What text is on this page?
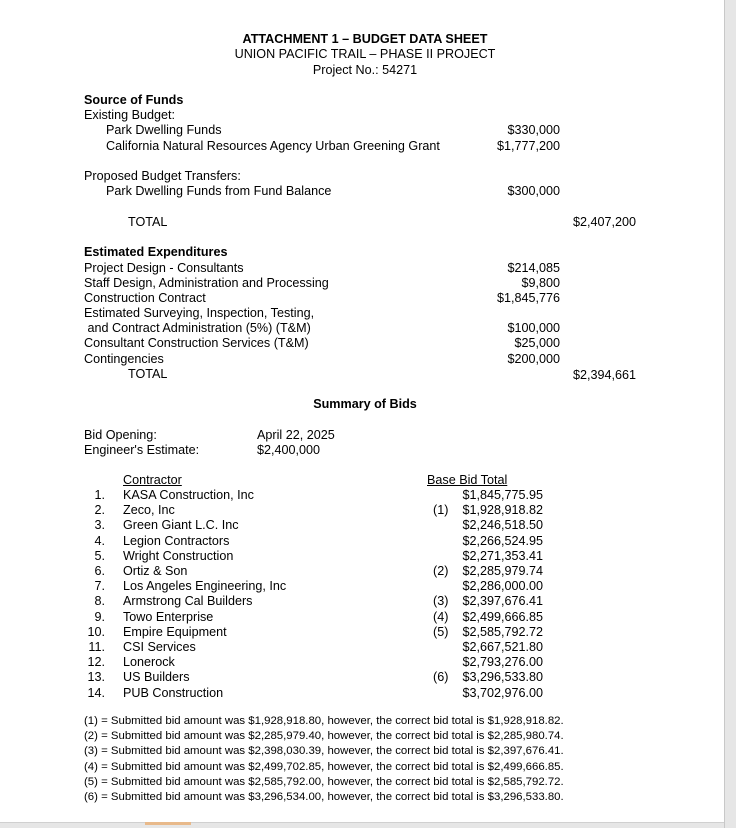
ATTACHMENT 1 – BUDGET DATA SHEET
UNION PACIFIC TRAIL – PHASE II PROJECT
Project No.: 54271
Source of Funds
Existing Budget:
Park Dwelling Funds	$330,000
California Natural Resources Agency Urban Greening Grant	$1,777,200
Proposed Budget Transfers:
Park Dwelling Funds from Fund Balance	$300,000
TOTAL	$2,407,200
Estimated Expenditures
Project Design - Consultants	$214,085
Staff Design, Administration and Processing	$9,800
Construction Contract	$1,845,776
Estimated Surveying, Inspection, Testing,
and Contract Administration (5%) (T&M)	$100,000
Consultant Construction Services (T&M)	$25,000
Contingencies	$200,000
TOTAL	$2,394,661
Summary of Bids
Bid Opening:	April 22, 2025
Engineer's Estimate:	$2,400,000
Contractor	Base Bid Total
1. KASA Construction, Inc	$1,845,775.95
2. Zeco, Inc	(1)	$1,928,918.82
3. Green Giant L.C. Inc	$2,246,518.50
4. Legion Contractors	$2,266,524.95
5. Wright Construction	$2,271,353.41
6. Ortiz & Son	(2)	$2,285,979.74
7. Los Angeles Engineering, Inc	$2,286,000.00
8. Armstrong Cal Builders	(3)	$2,397,676.41
9. Towo Enterprise	(4)	$2,499,666.85
10. Empire Equipment	(5)	$2,585,792.72
11. CSI Services	$2,667,521.80
12. Lonerock	$2,793,276.00
13. US Builders	(6)	$3,296,533.80
14. PUB Construction	$3,702,976.00
(1) = Submitted bid amount was $1,928,918.80, however, the correct bid total is $1,928,918.82.
(2) = Submitted bid amount was $2,285,979.40, however, the correct bid total is $2,285,980.74.
(3) = Submitted bid amount was $2,398,030.39, however, the correct bid total is $2,397,676.41.
(4) = Submitted bid amount was $2,499,702.85, however, the correct bid total is $2,499,666.85.
(5) = Submitted bid amount was $2,585,792.00, however, the correct bid total is $2,585,792.72.
(6) = Submitted bid amount was $3,296,534.00, however, the correct bid total is $3,296,533.80.
